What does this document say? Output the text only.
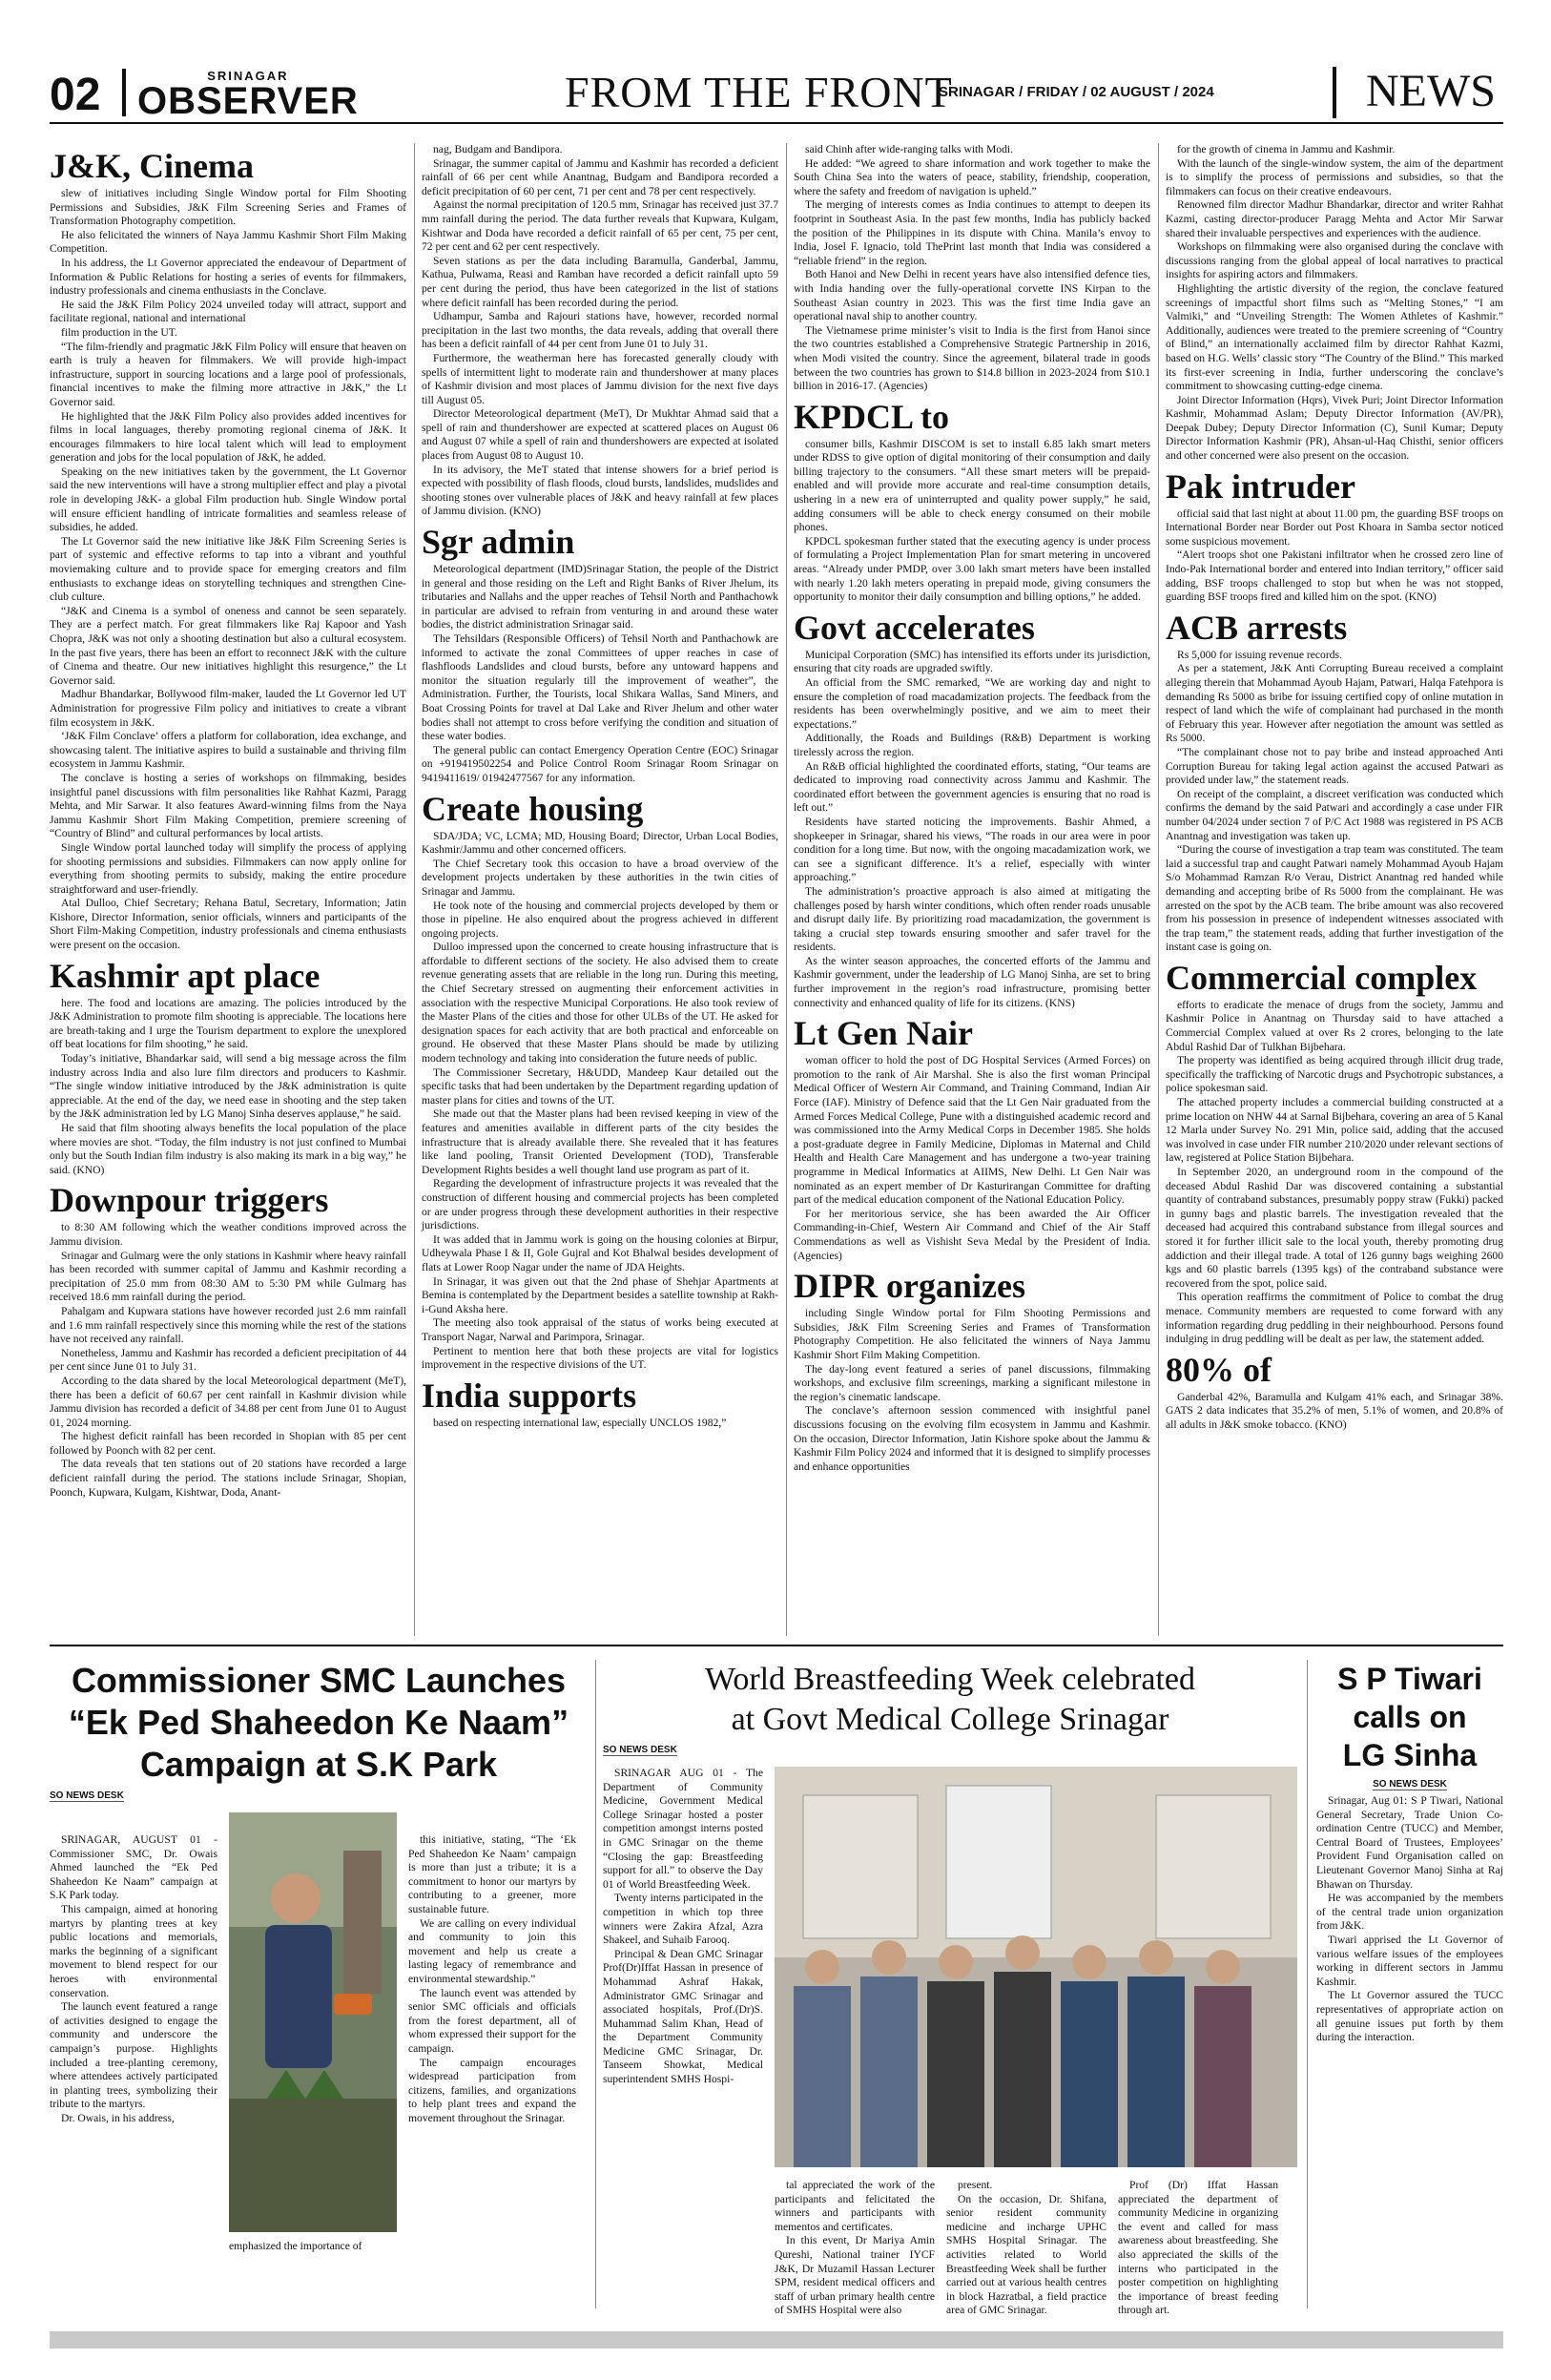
02	SRINAGAR
OBSERVER	FROM THE FRONT
SRINAGAR / FRIDAY / 02 AUGUST / 2024	NEWS
J&K, Cinema

slew of initiatives including Single Window portal for Film Shooting Permissions and Subsidies, J&K Film Screening Series and Frames of Transformation Photography competition.

He also felicitated the winners of Naya Jammu Kashmir Short Film Making Competition.

In his address, the Lt Governor appreciated the endeavour of Department of Information & Public Relations for hosting a series of events for filmmakers, industry professionals and cinema enthusiasts in the Conclave.

He said the J&K Film Policy 2024 unveiled today will attract, support and facilitate regional, national and international

film production in the UT.

“The film-friendly and pragmatic J&K Film Policy will ensure that heaven on earth is truly a heaven for filmmakers. We will provide high-impact infrastructure, support in sourcing locations and a large pool of professionals, financial incentives to make the filming more attractive in J&K,” the Lt Governor said.

He highlighted that the J&K Film Policy also provides added incentives for films in local languages, thereby promoting regional cinema of J&K. It encourages filmmakers to hire local talent which will lead to employment generation and jobs for the local population of J&K, he added.

Speaking on the new initiatives taken by the government, the Lt Governor said the new interventions will have a strong multiplier effect and play a pivotal role in developing J&K- a global Film production hub. Single Window portal will ensure efficient handling of intricate formalities and seamless release of subsidies, he added.

The Lt Governor said the new initiative like J&K Film Screening Series is part of systemic and effective reforms to tap into a vibrant and youthful moviemaking culture and to provide space for emerging creators and film enthusiasts to exchange ideas on storytelling techniques and strengthen Cine-club culture.

“J&K and Cinema is a symbol of oneness and cannot be seen separately. They are a perfect match. For great filmmakers like Raj Kapoor and Yash Chopra, J&K was not only a shooting destination but also a cultural ecosystem. In the past five years, there has been an effort to reconnect J&K with the culture of Cinema and theatre. Our new initiatives highlight this resurgence,” the Lt Governor said.

Madhur Bhandarkar, Bollywood film-maker, lauded the Lt Governor led UT Administration for progressive Film policy and initiatives to create a vibrant film ecosystem in J&K.

‘J&K Film Conclave’ offers a platform for collaboration, idea exchange, and showcasing talent. The initiative aspires to build a sustainable and thriving film ecosystem in Jammu Kashmir.

The conclave is hosting a series of workshops on filmmaking, besides insightful panel discussions with film personalities like Rahhat Kazmi, Paragg Mehta, and Mir Sarwar. It also features Award-winning films from the Naya Jammu Kashmir Short Film Making Competition, premiere screening of “Country of Blind” and cultural performances by local artists.

Single Window portal launched today will simplify the process of applying for shooting permissions and subsidies. Filmmakers can now apply online for everything from shooting permits to subsidy, making the entire procedure straightforward and user-friendly.

Atal Dulloo, Chief Secretary; Rehana Batul, Secretary, Information; Jatin Kishore, Director Information, senior officials, winners and participants of the Short Film-Making Competition, industry professionals and cinema enthusiasts were present on the occasion.

Kashmir apt place

here. The food and locations are amazing. The policies introduced by the J&K Administration to promote film shooting is appreciable. The locations here are breath-taking and I urge the Tourism department to explore the unexplored off beat locations for film shooting,” he said.

Today’s initiative, Bhandarkar said, will send a big message across the film industry across India and also lure film directors and producers to Kashmir. “The single window initiative introduced by the J&K administration is quite appreciable. At the end of the day, we need ease in shooting and the step taken by the J&K administration led by LG Manoj Sinha deserves applause,” he said.

He said that film shooting always benefits the local population of the place where movies are shot. “Today, the film industry is not just confined to Mumbai only but the South Indian film industry is also making its mark in a big way,” he said. (KNO)

Downpour triggers

to 8:30 AM following which the weather conditions improved across the Jammu division.

Srinagar and Gulmarg were the only stations in Kashmir where heavy rainfall has been recorded with summer capital of Jammu and Kashmir recording a precipitation of 25.0 mm from 08:30 AM to 5:30 PM while Gulmarg has received 18.6 mm rainfall during the period.

Pahalgam and Kupwara stations have however recorded just 2.6 mm rainfall and 1.6 mm rainfall respectively since this morning while the rest of the stations have not received any rainfall.

Nonetheless, Jammu and Kashmir has recorded a deficient precipitation of 44 per cent since June 01 to July 31.

According to the data shared by the local Meteorological department (MeT), there has been a deficit of 60.67 per cent rainfall in Kashmir division while Jammu division has recorded a deficit of 34.88 per cent from June 01 to August 01, 2024 morning.

The highest deficit rainfall has been recorded in Shopian with 85 per cent followed by Poonch with 82 per cent.

The data reveals that ten stations out of 20 stations have recorded a large deficient rainfall during the period. The stations include Srinagar, Shopian, Poonch, Kupwara, Kulgam, Kishtwar, Doda, Anant-

nag, Budgam and Bandipora.

Srinagar, the summer capital of Jammu and Kashmir has recorded a deficient rainfall of 66 per cent while Anantnag, Budgam and Bandipora recorded a deficit precipitation of 60 per cent, 71 per cent and 78 per cent respectively.

Against the normal precipitation of 120.5 mm, Srinagar has received just 37.7 mm rainfall during the period. The data further reveals that Kupwara, Kulgam, Kishtwar and Doda have recorded a deficit rainfall of 65 per cent, 75 per cent, 72 per cent and 62 per cent respectively.

Seven stations as per the data including Baramulla, Ganderbal, Jammu, Kathua, Pulwama, Reasi and Ramban have recorded a deficit rainfall upto 59 per cent during the period, thus have been categorized in the list of stations where deficit rainfall has been recorded during the period.

Udhampur, Samba and Rajouri stations have, however, recorded normal precipitation in the last two months, the data reveals, adding that overall there has been a deficit rainfall of 44 per cent from June 01 to July 31.

Furthermore, the weatherman here has forecasted generally cloudy with spells of intermittent light to moderate rain and thundershower at many places of Kashmir division and most places of Jammu division for the next five days till August 05.

Director Meteorological department (MeT), Dr Mukhtar Ahmad said that a spell of rain and thundershower are expected at scattered places on August 06 and August 07 while a spell of rain and thundershowers are expected at isolated places from August 08 to August 10.

In its advisory, the MeT stated that intense showers for a brief period is expected with possibility of flash floods, cloud bursts, landslides, mudslides and shooting stones over vulnerable places of J&K and heavy rainfall at few places of Jammu division. (KNO)

Sgr admin

Meteorological department (IMD)Srinagar Station, the people of the District in general and those residing on the Left and Right Banks of River Jhelum, its tributaries and Nallahs and the upper reaches of Tehsil North and Panthachowk in particular are advised to refrain from venturing in and around these water bodies, the district administration Srinagar said.

The Tehsildars (Responsible Officers) of Tehsil North and Panthachowk are informed to activate the zonal Committees of upper reaches in case of flashfloods Landslides and cloud bursts, before any untoward happens and monitor the situation regularly till the improvement of weather”, the Administration. Further, the Tourists, local Shikara Wallas, Sand Miners, and Boat Crossing Points for travel at Dal Lake and River Jhelum and other water bodies shall not attempt to cross before verifying the condition and situation of these water bodies.

The general public can contact Emergency Operation Centre (EOC) Srinagar on +919419502254 and Police Control Room Srinagar Room Srinagar on 9419411619/ 01942477567 for any information.

Create housing

SDA/JDA; VC, LCMA; MD, Housing Board; Director, Urban Local Bodies, Kashmir/Jammu and other concerned officers.

The Chief Secretary took this occasion to have a broad overview of the development projects undertaken by these authorities in the twin cities of Srinagar and Jammu.

He took note of the housing and commercial projects developed by them or those in pipeline. He also enquired about the progress achieved in different ongoing projects.

Dulloo impressed upon the concerned to create housing infrastructure that is affordable to different sections of the society. He also advised them to create revenue generating assets that are reliable in the long run. During this meeting, the Chief Secretary stressed on augmenting their enforcement activities in association with the respective Municipal Corporations. He also took review of the Master Plans of the cities and those for other ULBs of the UT. He asked for designation spaces for each activity that are both practical and enforceable on ground. He observed that these Master Plans should be made by utilizing modern technology and taking into consideration the future needs of public.

The Commissioner Secretary, H&UDD, Mandeep Kaur detailed out the specific tasks that had been undertaken by the Department regarding updation of master plans for cities and towns of the UT.

She made out that the Master plans had been revised keeping in view of the features and amenities available in different parts of the city besides the infrastructure that is already available there. She revealed that it has features like land pooling, Transit Oriented Development (TOD), Transferable Development Rights besides a well thought land use program as part of it.

Regarding the development of infrastructure projects it was revealed that the construction of different housing and commercial projects has been completed or are under progress through these development authorities in their respective jurisdictions.

It was added that in Jammu work is going on the housing colonies at Birpur, Udheywala Phase I & II, Gole Gujral and Kot Bhalwal besides development of flats at Lower Roop Nagar under the name of JDA Heights.

In Srinagar, it was given out that the 2nd phase of Shehjar Apartments at Bemina is contemplated by the Department besides a satellite township at Rakh-i-Gund Aksha here.

The meeting also took appraisal of the status of works being executed at Transport Nagar, Narwal and Parimpora, Srinagar.

Pertinent to mention here that both these projects are vital for logistics improvement in the respective divisions of the UT.

India supports

based on respecting international law, especially UNCLOS 1982,”

said Chinh after wide-ranging talks with Modi.

He added: “We agreed to share information and work together to make the South China Sea into the waters of peace, stability, friendship, cooperation, where the safety and freedom of navigation is upheld.”

The merging of interests comes as India continues to attempt to deepen its footprint in Southeast Asia. In the past few months, India has publicly backed the position of the Philippines in its dispute with China. Manila’s envoy to India, Josel F. Ignacio, told ThePrint last month that India was considered a “reliable friend” in the region.

Both Hanoi and New Delhi in recent years have also intensified defence ties, with India handing over the fully-operational corvette INS Kirpan to the Southeast Asian country in 2023. This was the first time India gave an operational naval ship to another country.

The Vietnamese prime minister’s visit to India is the first from Hanoi since the two countries established a Comprehensive Strategic Partnership in 2016, when Modi visited the country. Since the agreement, bilateral trade in goods between the two countries has grown to $14.8 billion in 2023-2024 from $10.1 billion in 2016-17. (Agencies)

KPDCL to

consumer bills, Kashmir DISCOM is set to install 6.85 lakh smart meters under RDSS to give option of digital monitoring of their consumption and daily billing trajectory to the consumers. “All these smart meters will be prepaid-enabled and will provide more accurate and real-time consumption details, ushering in a new era of uninterrupted and quality power supply,” he said, adding consumers will be able to check energy consumed on their mobile phones.

KPDCL spokesman further stated that the executing agency is under process of formulating a Project Implementation Plan for smart metering in uncovered areas. “Already under PMDP, over 3.00 lakh smart meters have been installed with nearly 1.20 lakh meters operating in prepaid mode, giving consumers the opportunity to monitor their daily consumption and billing options,” he added.

Govt accelerates

Municipal Corporation (SMC) has intensified its efforts under its jurisdiction, ensuring that city roads are upgraded swiftly.

An official from the SMC remarked, “We are working day and night to ensure the completion of road macadamization projects. The feedback from the residents has been overwhelmingly positive, and we aim to meet their expectations.”

Additionally, the Roads and Buildings (R&B) Department is working tirelessly across the region.

An R&B official highlighted the coordinated efforts, stating, “Our teams are dedicated to improving road connectivity across Jammu and Kashmir. The coordinated effort between the government agencies is ensuring that no road is left out.”

Residents have started noticing the improvements. Bashir Ahmed, a shopkeeper in Srinagar, shared his views, “The roads in our area were in poor condition for a long time. But now, with the ongoing macadamization work, we can see a significant difference. It’s a relief, especially with winter approaching.”

The administration’s proactive approach is also aimed at mitigating the challenges posed by harsh winter conditions, which often render roads unusable and disrupt daily life. By prioritizing road macadamization, the government is taking a crucial step towards ensuring smoother and safer travel for the residents.

As the winter season approaches, the concerted efforts of the Jammu and Kashmir government, under the leadership of LG Manoj Sinha, are set to bring further improvement in the region’s road infrastructure, promising better connectivity and enhanced quality of life for its citizens. (KNS)

Lt Gen Nair

woman officer to hold the post of DG Hospital Services (Armed Forces) on promotion to the rank of Air Marshal. She is also the first woman Principal Medical Officer of Western Air Command, and Training Command, Indian Air Force (IAF). Ministry of Defence said that the Lt Gen Nair graduated from the Armed Forces Medical College, Pune with a distinguished academic record and was commissioned into the Army Medical Corps in December 1985. She holds a post-graduate degree in Family Medicine, Diplomas in Maternal and Child Health and Health Care Management and has undergone a two-year training programme in Medical Informatics at AIIMS, New Delhi. Lt Gen Nair was nominated as an expert member of Dr Kasturirangan Committee for drafting part of the medical education component of the National Education Policy.

For her meritorious service, she has been awarded the Air Officer Commanding-in-Chief, Western Air Command and Chief of the Air Staff Commendations as well as Vishisht Seva Medal by the President of India. (Agencies)

DIPR organizes

including Single Window portal for Film Shooting Permissions and Subsidies, J&K Film Screening Series and Frames of Transformation Photography Competition. He also felicitated the winners of Naya Jammu Kashmir Short Film Making Competition.

The day-long event featured a series of panel discussions, filmmaking workshops, and exclusive film screenings, marking a significant milestone in the region’s cinematic landscape.

The conclave’s afternoon session commenced with insightful panel discussions focusing on the evolving film ecosystem in Jammu and Kashmir. On the occasion, Director Information, Jatin Kishore spoke about the Jammu & Kashmir Film Policy 2024 and informed that it is designed to simplify processes and enhance opportunities

for the growth of cinema in Jammu and Kashmir.

With the launch of the single-window system, the aim of the department is to simplify the process of permissions and subsidies, so that the filmmakers can focus on their creative endeavours.

Renowned film director Madhur Bhandarkar, director and writer Rahhat Kazmi, casting director-producer Paragg Mehta and Actor Mir Sarwar shared their invaluable perspectives and experiences with the audience.

Workshops on filmmaking were also organised during the conclave with discussions ranging from the global appeal of local narratives to practical insights for aspiring actors and filmmakers.

Highlighting the artistic diversity of the region, the conclave featured screenings of impactful short films such as “Melting Stones,” “I am Valmiki,” and “Unveiling Strength: The Women Athletes of Kashmir.” Additionally, audiences were treated to the premiere screening of “Country of Blind,” an internationally acclaimed film by director Rahhat Kazmi, based on H.G. Wells’ classic story “The Country of the Blind.” This marked its first-ever screening in India, further underscoring the conclave’s commitment to showcasing cutting-edge cinema.

Joint Director Information (Hqrs), Vivek Puri; Joint Director Information Kashmir, Mohammad Aslam; Deputy Director Information (AV/PR), Deepak Dubey; Deputy Director Information (C), Sunil Kumar; Deputy Director Information Kashmir (PR), Ahsan-ul-Haq Chisthi, senior officers and other concerned were also present on the occasion.

Pak intruder

official said that last night at about 11.00 pm, the guarding BSF troops on International Border near Border out Post Khoara in Samba sector noticed some suspicious movement.

“Alert troops shot one Pakistani infiltrator when he crossed zero line of Indo-Pak International border and entered into Indian territory,” officer said adding, BSF troops challenged to stop but when he was not stopped, guarding BSF troops fired and killed him on the spot. (KNO)

ACB arrests

Rs 5,000 for issuing revenue records.

As per a statement, J&K Anti Corrupting Bureau received a complaint alleging therein that Mohammad Ayoub Hajam, Patwari, Halqa Fatehpora is demanding Rs 5000 as bribe for issuing certified copy of online mutation in respect of land which the wife of complainant had purchased in the month of February this year. However after negotiation the amount was settled as Rs 5000.

“The complainant chose not to pay bribe and instead approached Anti Corruption Bureau for taking legal action against the accused Patwari as provided under law,” the statement reads.

On receipt of the complaint, a discreet verification was conducted which confirms the demand by the said Patwari and accordingly a case under FIR number 04/2024 under section 7 of P/C Act 1988 was registered in PS ACB Anantnag and investigation was taken up.

“During the course of investigation a trap team was constituted. The team laid a successful trap and caught Patwari namely Mohammad Ayoub Hajam S/o Mohammad Ramzan R/o Verau, District Anantnag red handed while demanding and accepting bribe of Rs 5000 from the complainant. He was arrested on the spot by the ACB team. The bribe amount was also recovered from his possession in presence of independent witnesses associated with the trap team,” the statement reads, adding that further investigation of the instant case is going on.

Commercial complex

efforts to eradicate the menace of drugs from the society, Jammu and Kashmir Police in Anantnag on Thursday said to have attached a Commercial Complex valued at over Rs 2 crores, belonging to the late Abdul Rashid Dar of Tulkhan Bijbehara.

The property was identified as being acquired through illicit drug trade, specifically the trafficking of Narcotic drugs and Psychotropic substances, a police spokesman said.

The attached property includes a commercial building constructed at a prime location on NHW 44 at Sarnal Bijbehara, covering an area of 5 Kanal 12 Marla under Survey No. 291 Min, police said, adding that the accused was involved in case under FIR number 210/2020 under relevant sections of law, registered at Police Station Bijbehara.

In September 2020, an underground room in the compound of the deceased Abdul Rashid Dar was discovered containing a substantial quantity of contraband substances, presumably poppy straw (Fukki) packed in gunny bags and plastic barrels. The investigation revealed that the deceased had acquired this contraband substance from illegal sources and stored it for further illicit sale to the local youth, thereby promoting drug addiction and their illegal trade. A total of 126 gunny bags weighing 2600 kgs and 60 plastic barrels (1395 kgs) of the contraband substance were recovered from the spot, police said.

This operation reaffirms the commitment of Police to combat the drug menace. Community members are requested to come forward with any information regarding drug peddling in their neighbourhood. Persons found indulging in drug peddling will be dealt as per law, the statement added.

80% of

Ganderbal 42%, Baramulla and Kulgam 41% each, and Srinagar 38%. GATS 2 data indicates that 35.2% of men, 5.1% of women, and 20.8% of all adults in J&K smoke tobacco. (KNO)

Commissioner SMC Launches
“Ek Ped Shaheedon Ke Naam”
Campaign at S.K Park
SO NEWS DESK

SRINAGAR, AUGUST 01 - Commissioner SMC, Dr. Owais Ahmed launched the “Ek Ped Shaheedon Ke Naam” campaign at S.K Park today.

This campaign, aimed at honoring martyrs by planting trees at key public locations and memorials, marks the beginning of a significant movement to blend respect for our heroes with environmental conservation.

The launch event featured a range of activities designed to engage the community and underscore the campaign’s purpose. Highlights included a tree-planting ceremony, where attendees actively participated in planting trees, symbolizing their tribute to the martyrs.

Dr. Owais, in his address,

emphasized the importance of

this initiative, stating, “The ‘Ek Ped Shaheedon Ke Naam’ campaign is more than just a tribute; it is a commitment to honor our martyrs by contributing to a greener, more sustainable future.

We are calling on every individual and community to join this movement and help us create a lasting legacy of remembrance and environmental stewardship.”

The launch event was attended by senior SMC officials and officials from the forest department, all of whom expressed their support for the campaign.

The campaign encourages widespread participation from citizens, families, and organizations to help plant trees and expand the movement throughout the Srinagar.

World Breastfeeding Week celebrated
at Govt Medical College Srinagar
SO NEWS DESK

SRINAGAR AUG 01 - The Department of Community Medicine, Government Medical College Srinagar hosted a poster competition amongst interns posted in GMC Srinagar on the theme “Closing the gap: Breastfeeding support for all.” to observe the Day 01 of World Breastfeeding Week.

Twenty interns participated in the competition in which top three winners were Zakira Afzal, Azra Shakeel, and Suhaib Farooq.

Principal & Dean GMC Srinagar Prof(Dr)Iffat Hassan in presence of Mohammad Ashraf Hakak, Administrator GMC Srinagar and associated hospitals, Prof.(Dr)S. Muhammad Salim Khan, Head of the Department Community Medicine GMC Srinagar, Dr. Tanseem Showkat, Medical superintendent SMHS Hospi-

tal appreciated the work of the participants and felicitated the winners and participants with mementos and certificates.

In this event, Dr Mariya Amin Qureshi, National trainer IYCF J&K, Dr Muzamil Hassan Lecturer SPM, resident medical officers and staff of urban primary health centre of SMHS Hospital were also

present.

On the occasion, Dr. Shifana, senior resident community medicine and incharge UPHC SMHS Hospital Srinagar. The activities related to World Breastfeeding Week shall be further carried out at various health centres in block Hazratbal, a field practice area of GMC Srinagar.

Prof (Dr) Iffat Hassan appreciated the department of community Medicine in organizing the event and called for mass awareness about breastfeeding. She also appreciated the skills of the interns who participated in the poster competition on highlighting the importance of breast feeding through art.

S P Tiwari
calls on
LG Sinha
SO NEWS DESK

Srinagar, Aug 01: S P Tiwari, National General Secretary, Trade Union Co-ordination Centre (TUCC) and Member, Central Board of Trustees, Employees’ Provident Fund Organisation called on Lieutenant Governor Manoj Sinha at Raj Bhawan on Thursday.

He was accompanied by the members of the central trade union organization from J&K.

Tiwari apprised the Lt Governor of various welfare issues of the employees working in different sectors in Jammu Kashmir.

The Lt Governor assured the TUCC representatives of appropriate action on all genuine issues put forth by them during the interaction.
